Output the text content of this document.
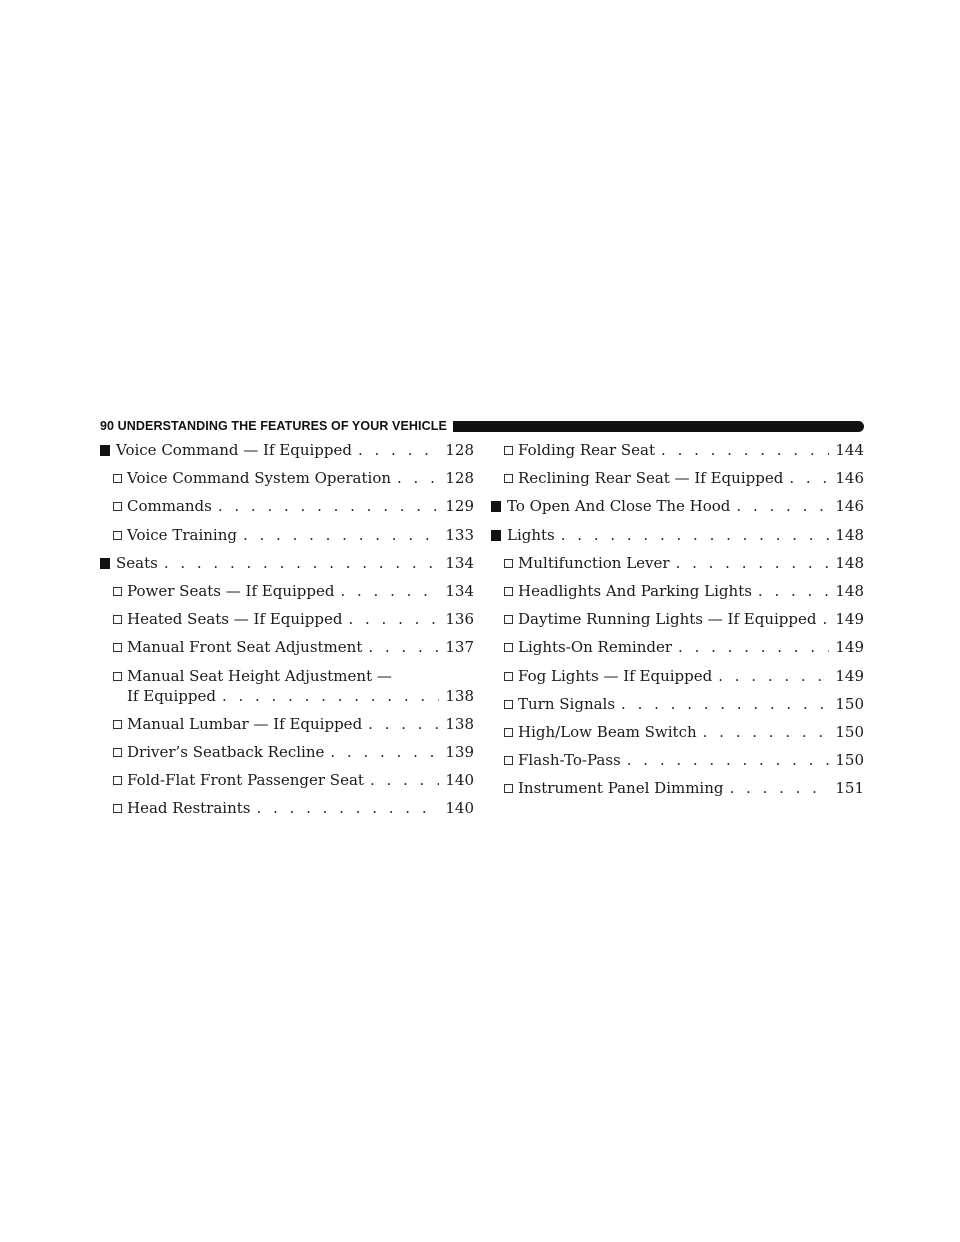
90 UNDERSTANDING THE FEATURES OF YOUR VEHICLE
Voice Command — If Equipped . . .	128
Voice Command System Operation . . .	128
Commands . . .	129
Voice Training . . .	133
Seats . . .	134
Power Seats — If Equipped . . .	134
Heated Seats — If Equipped . . .	136
Manual Front Seat Adjustment . . .	137
Manual Seat Height Adjustment —
If Equipped . . .	138
Manual Lumbar — If Equipped . . .	138
Driver’s Seatback Recline . . .	139
Fold-Flat Front Passenger Seat . . .	140
Head Restraints . . .	140
Folding Rear Seat . . .	144
Reclining Rear Seat — If Equipped . . .	146
To Open And Close The Hood . . .	146
Lights . . .	148
Multifunction Lever . . .	148
Headlights And Parking Lights . . .	148
Daytime Running Lights — If Equipped . . . 149
Lights-On Reminder . . .	149
Fog Lights — If Equipped . . .	149
Turn Signals . . .	150
High/Low Beam Switch . . .	150
Flash-To-Pass . . .	150
Instrument Panel Dimming . . .	151
